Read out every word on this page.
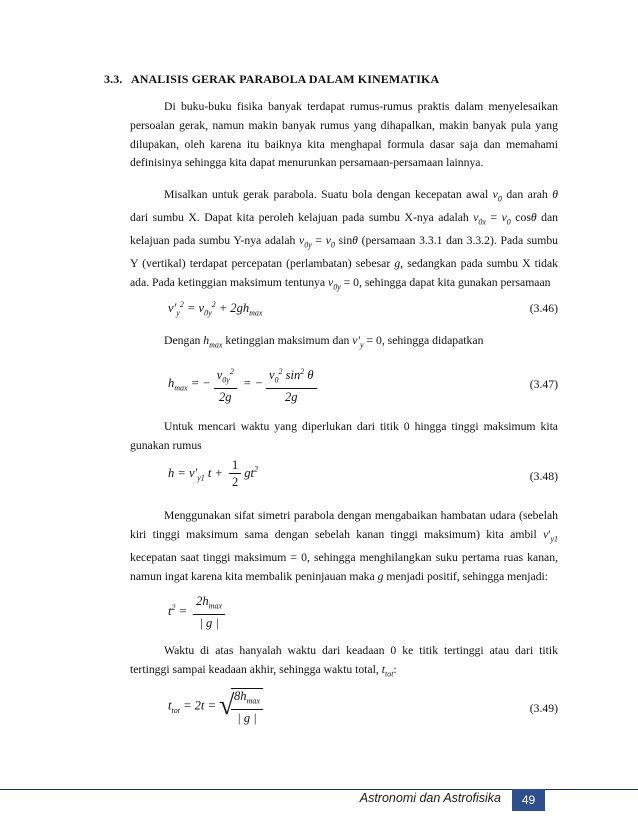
3.3. ANALISIS GERAK PARABOLA DALAM KINEMATIKA
Di buku-buku fisika banyak terdapat rumus-rumus praktis dalam menyelesaikan persoalan gerak, namun makin banyak rumus yang dihapalkan, makin banyak pula yang dilupakan, oleh karena itu baiknya kita menghapal formula dasar saja dan memahami definisinya sehingga kita dapat menurunkan persamaan-persamaan lainnya.
Misalkan untuk gerak parabola. Suatu bola dengan kecepatan awal $v_0$ dan arah θ dari sumbu X. Dapat kita peroleh kelajuan pada sumbu X-nya adalah $v_{0x} = v_0$ cosθ dan kelajuan pada sumbu Y-nya adalah $v_{0y} = v_0$ sinθ (persamaan 3.3.1 dan 3.3.2). Pada sumbu Y (vertikal) terdapat percepatan (perlambatan) sebesar g, sedangkan pada sumbu X tidak ada. Pada ketinggian maksimum tentunya $v_{0y} = 0$, sehingga dapat kita gunakan persamaan
$v'_y^2 = v_{0y}^2 + 2gh_{max}$	(3.46)
Dengan $h_{max}$ ketinggian maksimum dan $v'_y = 0$, sehingga didapatkan
$h_{max}$ = − $\frac{v_{0y}^2}{2g}$ = − $\frac{v_0^2 \sin^2 \theta}{2g}$	(3.47)
Untuk mencari waktu yang diperlukan dari titik 0 hingga tinggi maksimum kita gunakan rumus
$h = v'_{y1}$ $t + \frac{1}{2} gt^2$
(3.48)
Menggunakan sifat simetri parabola dengan mengabaikan hambatan udara (sebelah kiri tinggi maksimum sama dengan sebelah kanan tinggi maksimum) kita ambil $v'_{y1}$ kecepatan saat tinggi maksimum = 0, sehingga menghilangkan suku pertama ruas kanan, namun ingat karena kita membalik peninjauan maka g menjadi positif, sehingga menjadi:
$t^2 = \frac{2h_{max}}{| g |}$
Waktu di atas hanyalah waktu dari keadaan 0 ke titik tertinggi atau dari titik tertinggi sampai keadaan akhir, sehingga waktu total, $t_{tot}$:
$t_{tot} = 2t$ = √
$\frac{8h_{max}}{| g |}$	(3.49)
Astronomi dan Astrofisika	49
